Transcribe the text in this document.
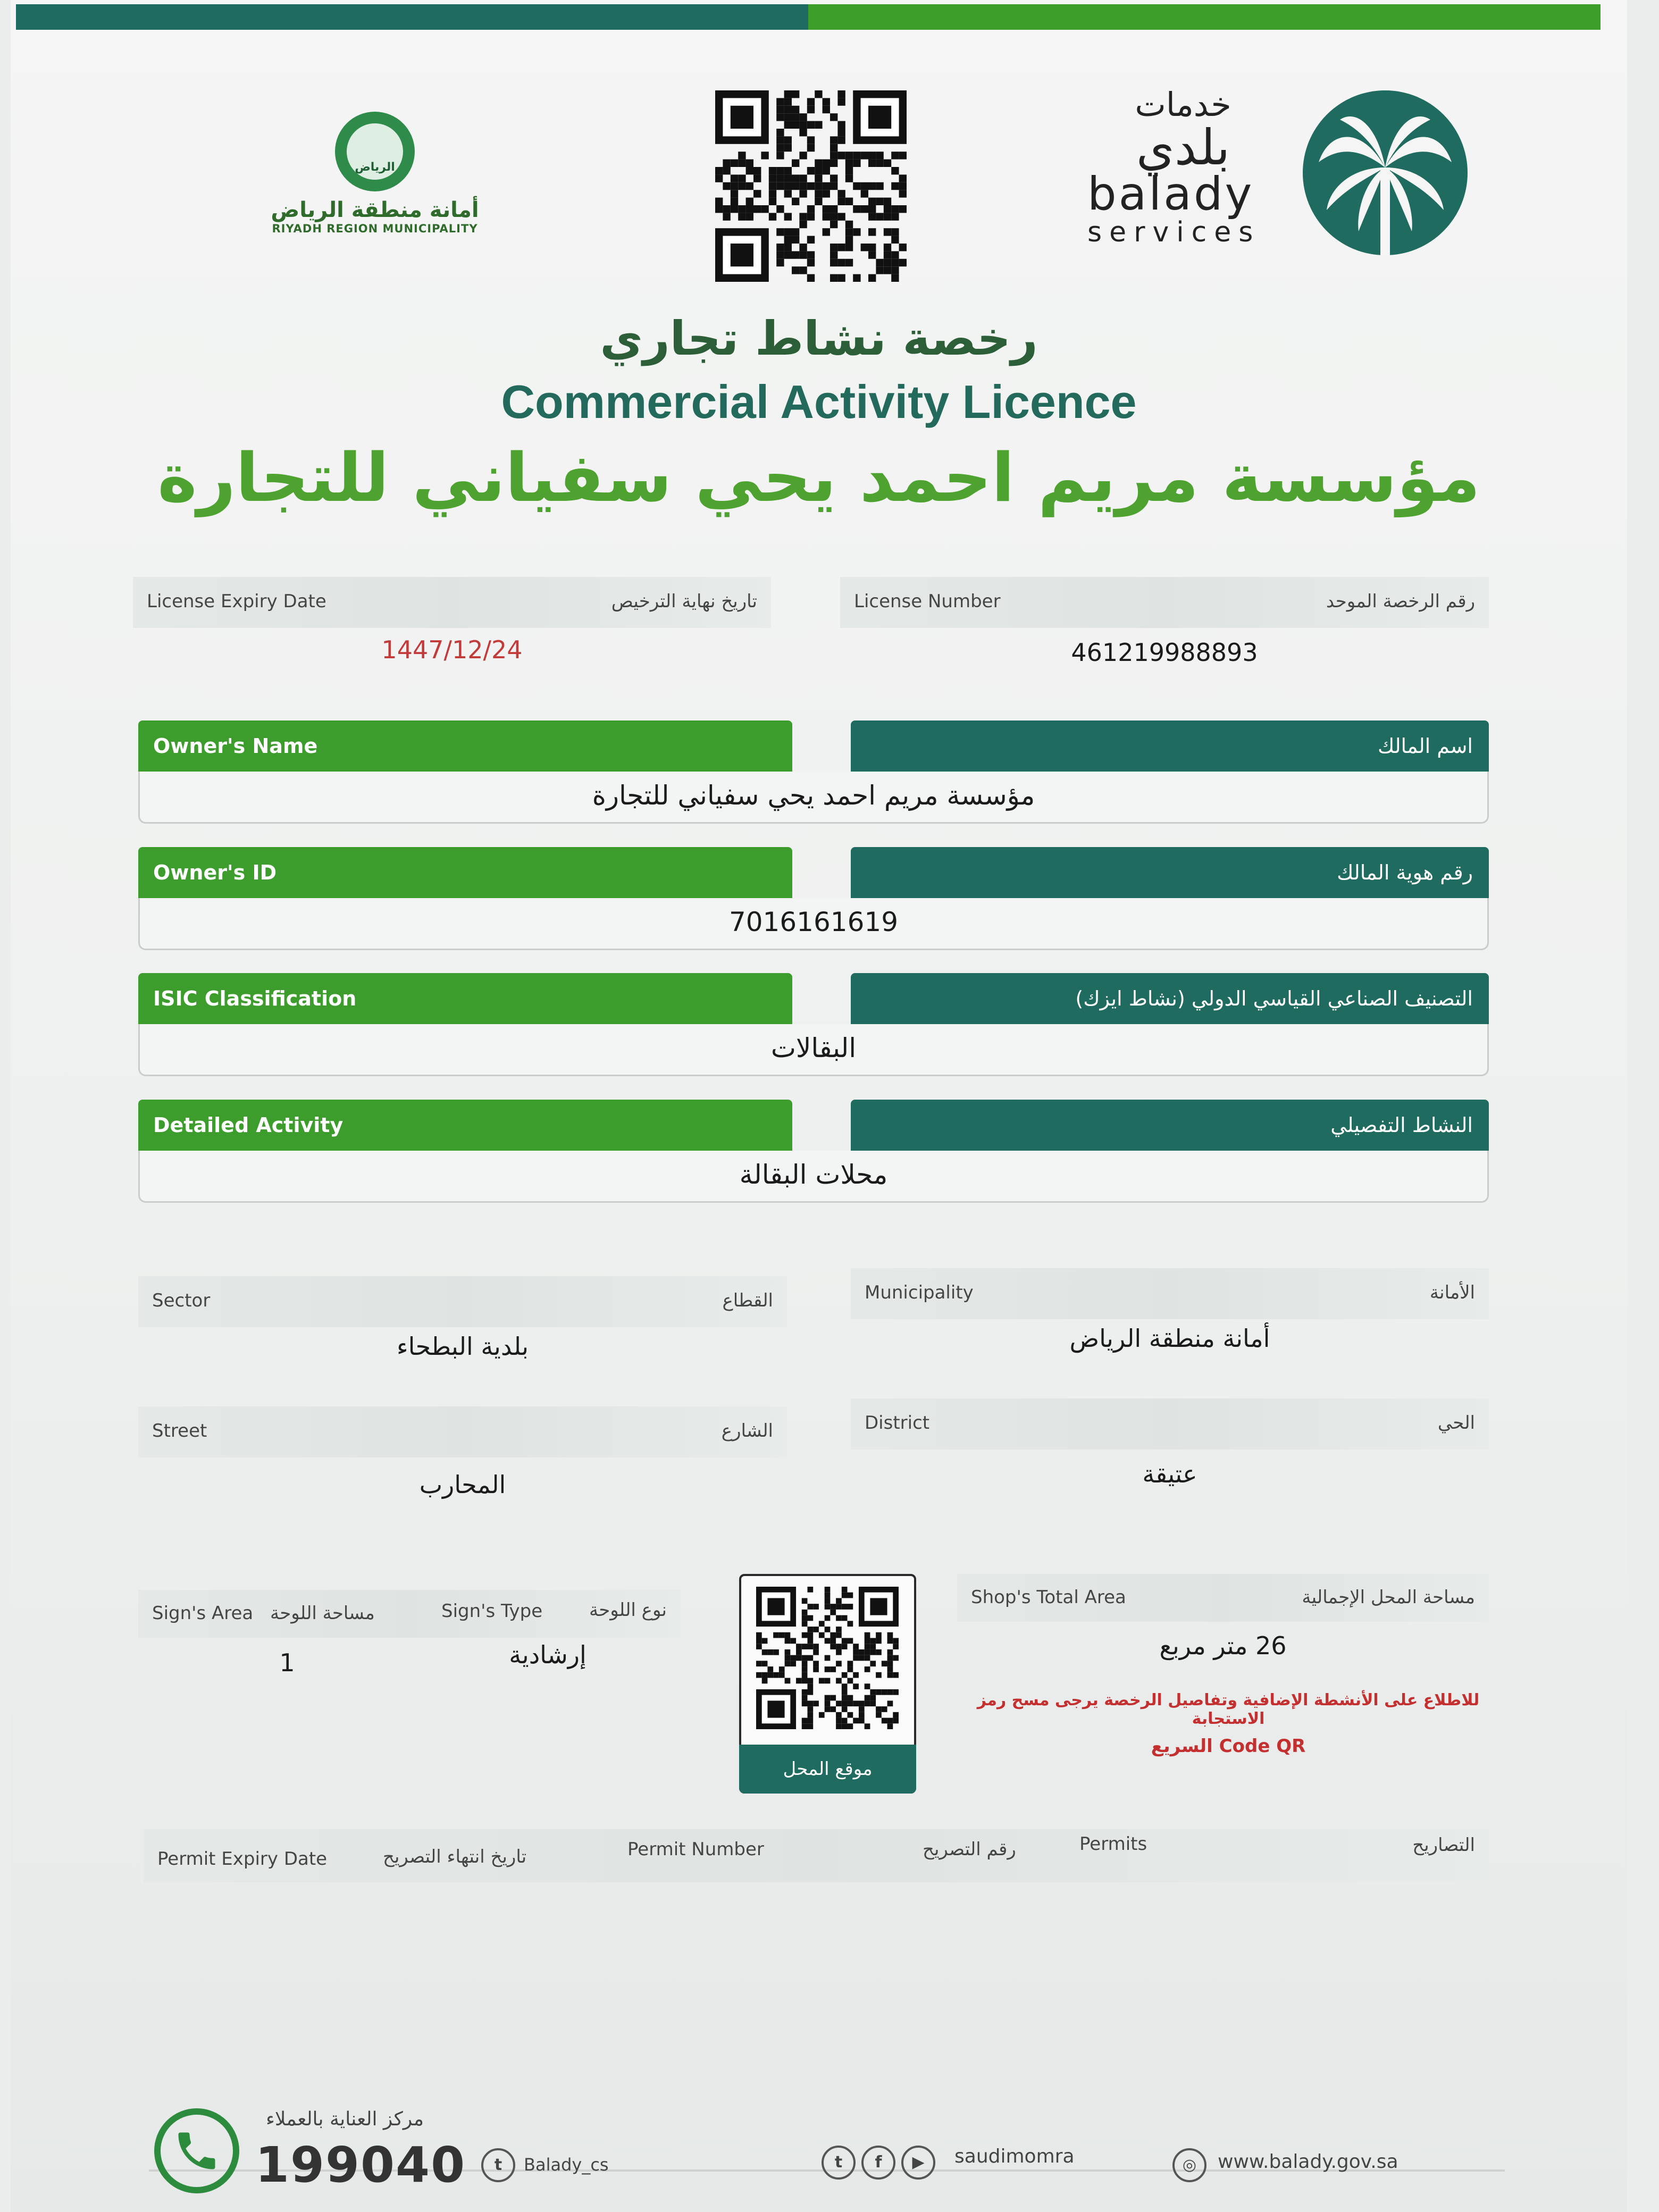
الرياض
أمانة منطقة الرياض
RIYADH REGION MUNICIPALITY
خدمات
بلدي
balady
services
رخصة نشاط تجاري
Commercial Activity Licence
مؤسسة مريم احمد يحي سفياني للتجارة
License Expiry Date	تاريخ نهاية الترخيص
1447/12/24
License Number	رقم الرخصة الموحد
461219988893
Owner's Name	اسم المالك
مؤسسة مريم احمد يحي سفياني للتجارة
Owner's ID	رقم هوية المالك
7016161619
ISIC Classification	التصنيف الصناعي القياسي الدولي (نشاط ايزك)
البقالات
Detailed Activity	النشاط التفصيلي
محلات البقالة
Sector	القطاع
بلدية البطحاء
Municipality	الأمانة
أمانة منطقة الرياض
Street	الشارع
المحارب
District	الحي
عتيقة
Sign's Area مساحة اللوحة	Sign's Type	نوع اللوحة
1	إرشادية
موقع المحل
Shop's Total Area	مساحة المحل الإجمالية
26 متر مربع
للاطلاع على الأنشطة الإضافية وتفاصيل الرخصة يرجى مسح رمز الاستجابة
Code QR السريع
Permit Expiry Date	تاريخ انتهاء التصريح	Permit Number	رقم التصريح	Permits	التصاريح
مركز العناية بالعملاء
199040	t	Balady_cs	t	f	▶	saudimomra	◎	www.balady.gov.sa
